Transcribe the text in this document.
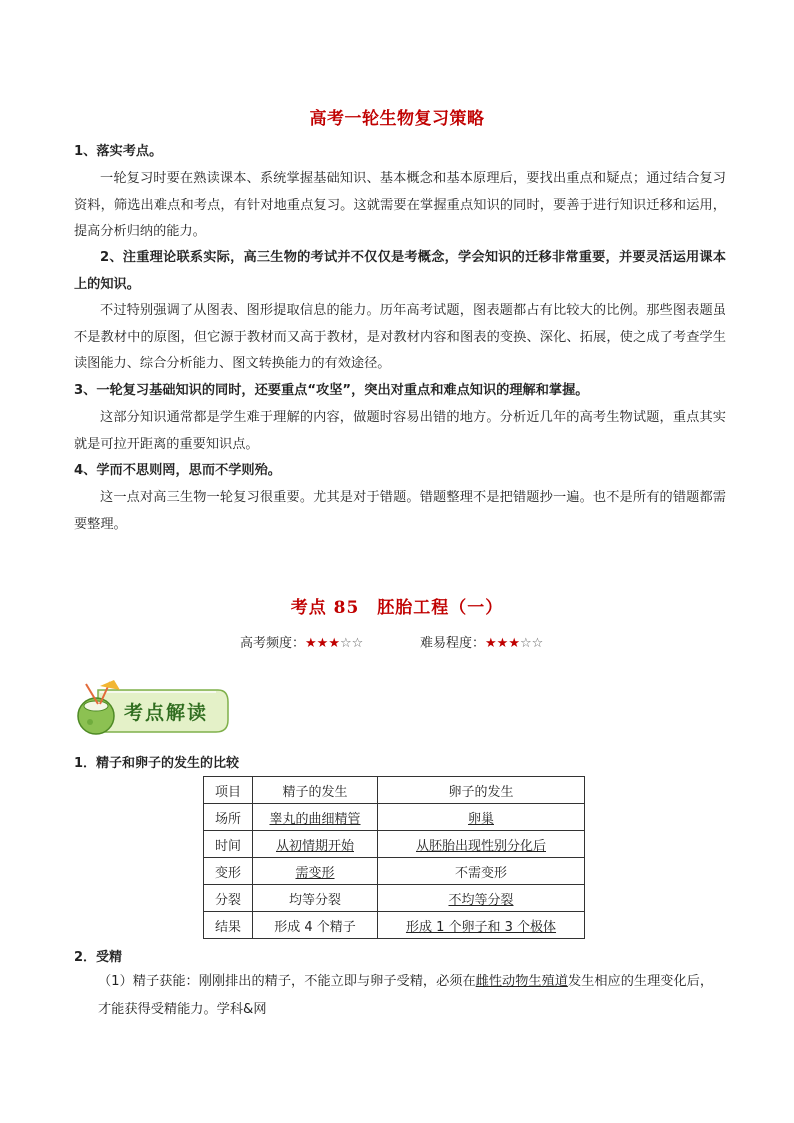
高考一轮生物复习策略
1、落实考点。
一轮复习时要在熟读课本、系统掌握基础知识、基本概念和基本原理后，要找出重点和疑点；通过结合复习资料，筛选出难点和考点，有针对地重点复习。这就需要在掌握重点知识的同时，要善于进行知识迁移和运用，提高分析归纳的能力。
2、注重理论联系实际，高三生物的考试并不仅仅是考概念，学会知识的迁移非常重要，并要灵活运用课本上的知识。
不过特别强调了从图表、图形提取信息的能力。历年高考试题，图表题都占有比较大的比例。那些图表题虽不是教材中的原图，但它源于教材而又高于教材，是对教材内容和图表的变换、深化、拓展，使之成了考查学生读图能力、综合分析能力、图文转换能力的有效途径。
3、一轮复习基础知识的同时，还要重点“攻坚”，突出对重点和难点知识的理解和掌握。
这部分知识通常都是学生难于理解的内容，做题时容易出错的地方。分析近几年的高考生物试题，重点其实就是可拉开距离的重要知识点。
4、学而不思则罔，思而不学则殆。
这一点对高三生物一轮复习很重要。尤其是对于错题。错题整理不是把错题抄一遍。也不是所有的错题都需要整理。
考点 85　胚胎工程（一）
高考频度：★★★☆☆	难易程度：★★★☆☆
考点解读
1．精子和卵子的发生的比较
项目	精子的发生	卵子的发生
场所	睾丸的曲细精管	卵巢
时间	从初情期开始	从胚胎出现性别分化后
变形	需变形	不需变形
分裂	均等分裂	不均等分裂
结果	形成 4 个精子	形成 1 个卵子和 3 个极体
2．受精
（1）精子获能：刚刚排出的精子，不能立即与卵子受精，必须在雌性动物生殖道发生相应的生理变化后，才能获得受精能力。学科&网
